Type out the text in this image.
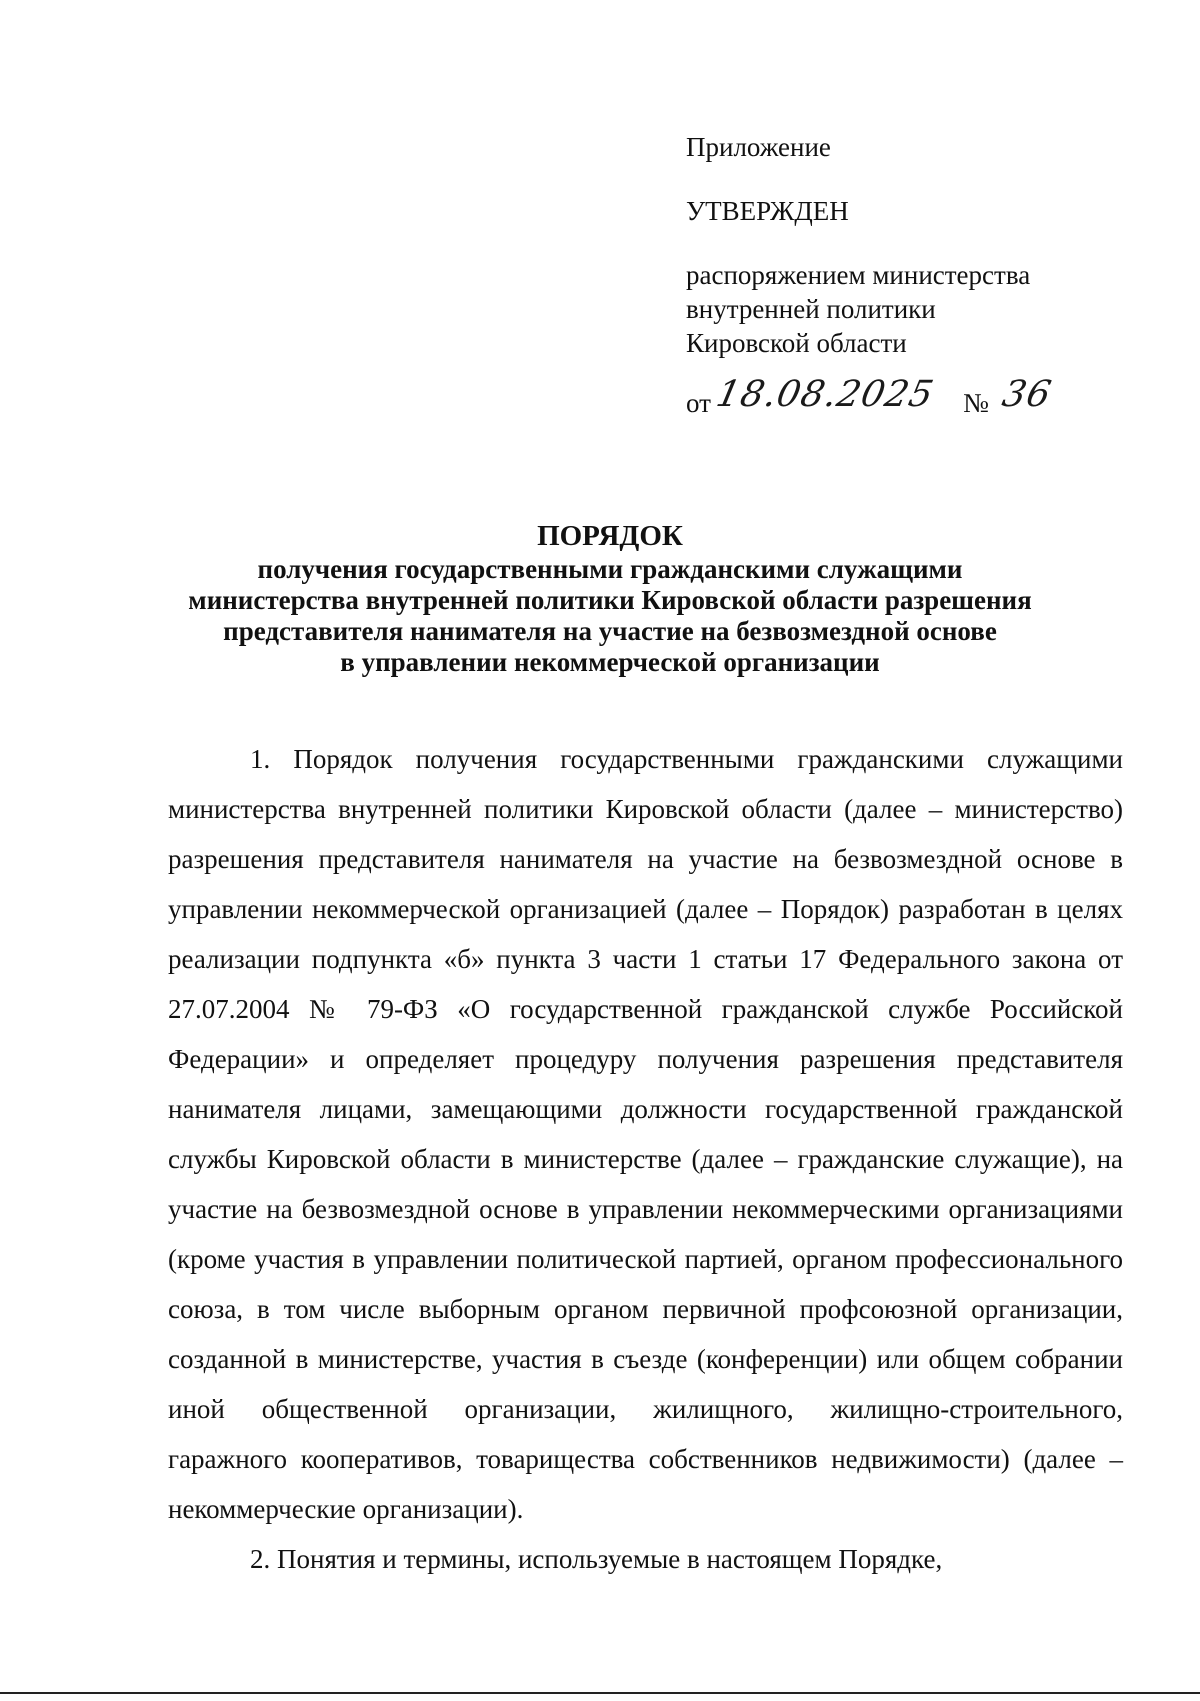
Приложение
УТВЕРЖДЕН
распоряжением министерства
внутренней политики
Кировской области
от18.08.2025 № 36
ПОРЯДОК
получения государственными гражданскими служащими
министерства внутренней политики Кировской области разрешения
представителя нанимателя на участие на безвозмездной основе
в управлении некоммерческой организации

1. Порядок получения государственными гражданскими служащими министерства внутренней политики Кировской области (далее – министерство) разрешения представителя нанимателя на участие на безвозмездной основе в управлении некоммерческой организацией (далее – Порядок) разработан в целях реализации подпункта «б» пункта 3 части 1 статьи 17 Федерального закона от 27.07.2004 № 79-ФЗ «О государственной гражданской службе Российской Федерации» и определяет процедуру получения разрешения представителя нанимателя лицами, замещающими должности государственной гражданской службы Кировской области в министерстве (далее – гражданские служащие), на участие на безвозмездной основе в управлении некоммерческими организациями (кроме участия в управлении политической партией, органом профессионального союза, в том числе выборным органом первичной профсоюзной организации, созданной в министерстве, участия в съезде (конференции) или общем собрании иной общественной организации, жилищного, жилищно-строительного, гаражного кооперативов, товарищества собственников недвижимости) (далее – некоммерческие организации).

2. Понятия и термины, используемые в настоящем Порядке,
